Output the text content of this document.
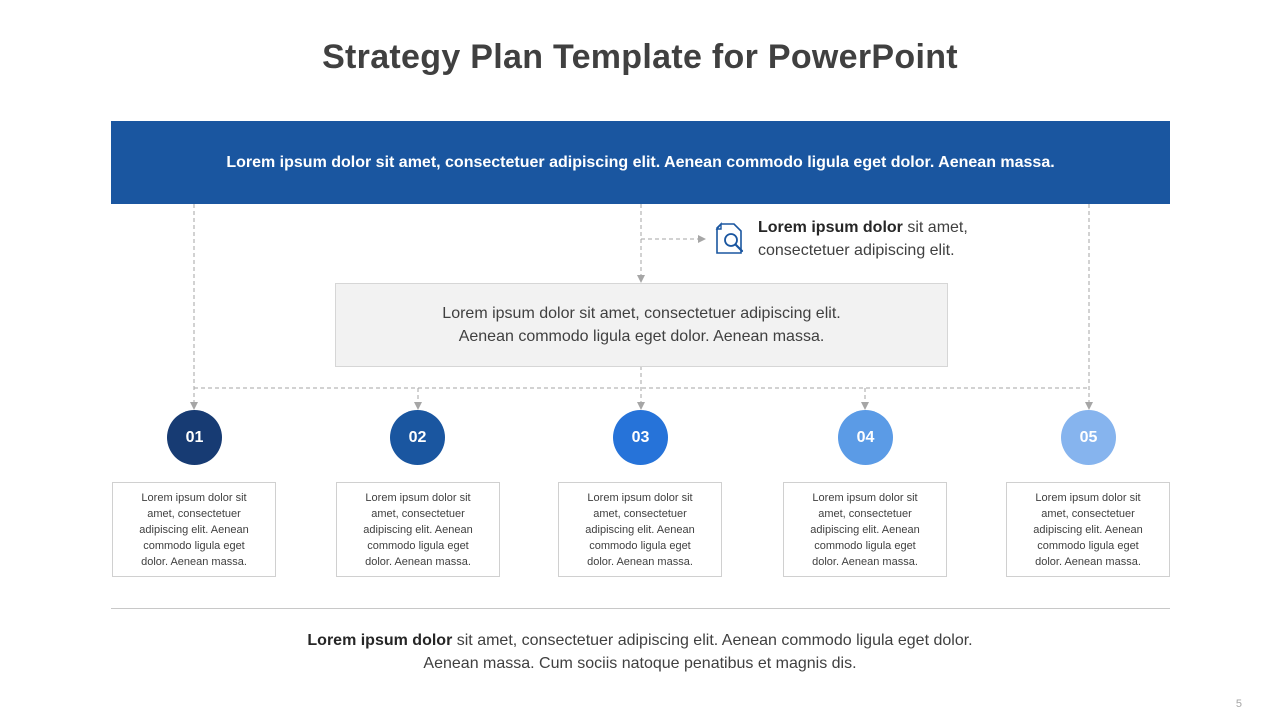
Strategy Plan Template for PowerPoint
Lorem ipsum dolor sit amet, consectetuer adipiscing elit. Aenean commodo ligula eget dolor. Aenean massa.
Lorem ipsum dolor sit amet, consectetuer adipiscing elit.
Lorem ipsum dolor sit amet, consectetuer adipiscing elit.
Aenean commodo ligula eget dolor. Aenean massa.
01	02	03	04	05
Lorem ipsum dolor sit amet, consectetuer adipiscing elit. Aenean commodo ligula eget dolor. Aenean massa.
Lorem ipsum dolor sit amet, consectetuer adipiscing elit. Aenean commodo ligula eget dolor. Aenean massa.
Lorem ipsum dolor sit amet, consectetuer adipiscing elit. Aenean commodo ligula eget dolor. Aenean massa.
Lorem ipsum dolor sit amet, consectetuer adipiscing elit. Aenean commodo ligula eget dolor. Aenean massa.
Lorem ipsum dolor sit amet, consectetuer adipiscing elit. Aenean commodo ligula eget dolor. Aenean massa.
Lorem ipsum dolor sit amet, consectetuer adipiscing elit. Aenean commodo ligula eget dolor.
Aenean massa. Cum sociis natoque penatibus et magnis dis.
5
